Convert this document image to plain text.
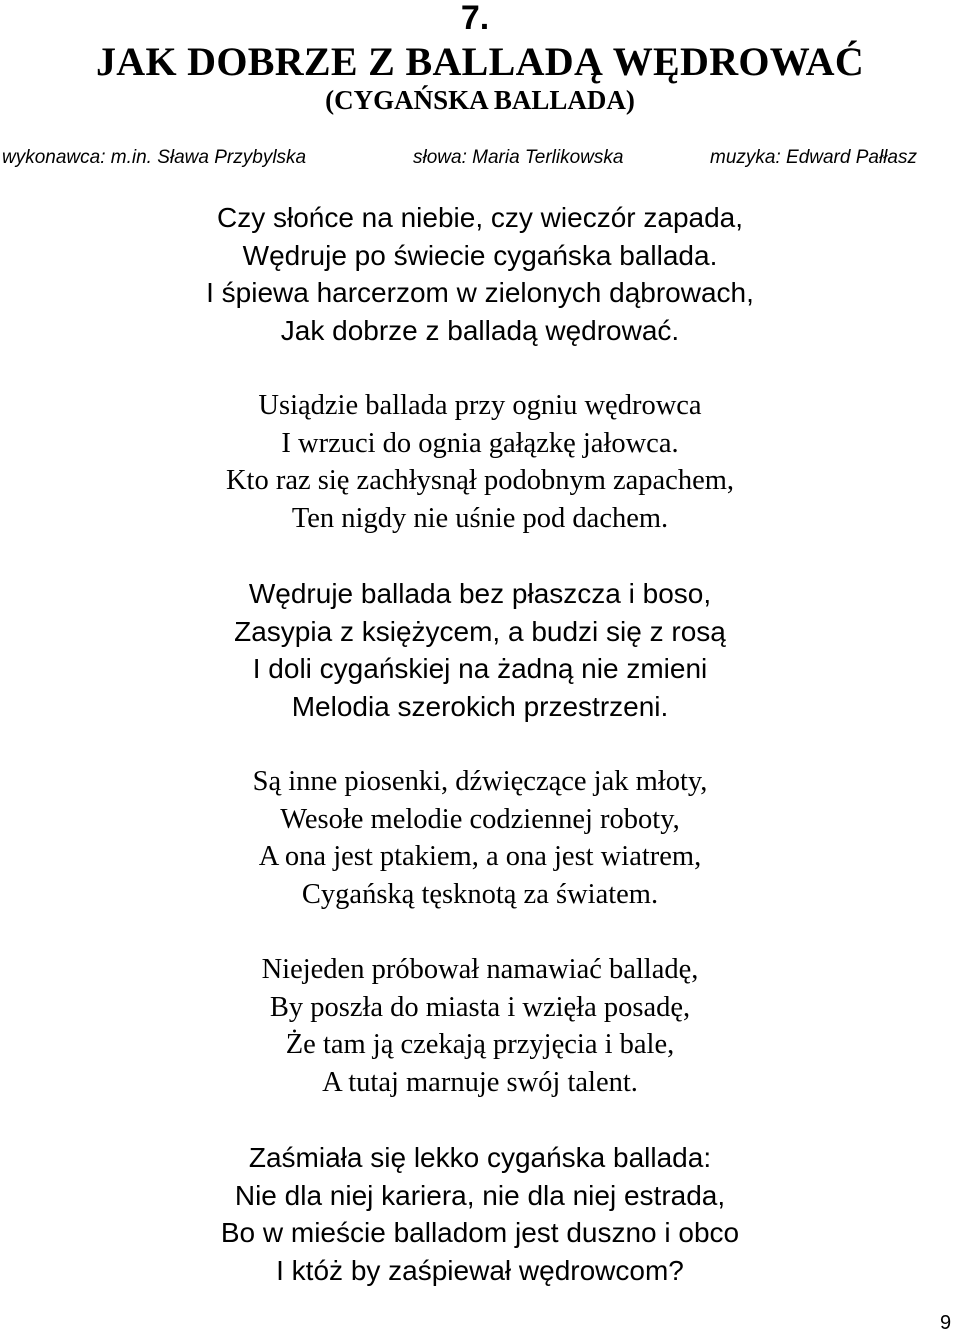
7.
JAK DOBRZE Z BALLADĄ WĘDROWAĆ
(CYGAŃSKA BALLADA)
wykonawca: m.in. Sława Przybylska	słowa: Maria Terlikowska	muzyka: Edward Pałłasz
Czy słońce na niebie, czy wieczór zapada,
Wędruje po świecie cygańska ballada.
I śpiewa harcerzom w zielonych dąbrowach,
Jak dobrze z balladą wędrować.
Usiądzie ballada przy ogniu wędrowca
I wrzuci do ognia gałązkę jałowca.
Kto raz się zachłysnął podobnym zapachem,
Ten nigdy nie uśnie pod dachem.
Wędruje ballada bez płaszcza i boso,
Zasypia z księżycem, a budzi się z rosą
I doli cygańskiej na żadną nie zmieni
Melodia szerokich przestrzeni.
Są inne piosenki, dźwięczące jak młoty,
Wesołe melodie codziennej roboty,
A ona jest ptakiem, a ona jest wiatrem,
Cygańską tęsknotą za światem.
Niejeden próbował namawiać balladę,
By poszła do miasta i wzięła posadę,
Że tam ją czekają przyjęcia i bale,
A tutaj marnuje swój talent.
Zaśmiała się lekko cygańska ballada:
Nie dla niej kariera, nie dla niej estrada,
Bo w mieście balladom jest duszno i obco
I któż by zaśpiewał wędrowcom?
9
